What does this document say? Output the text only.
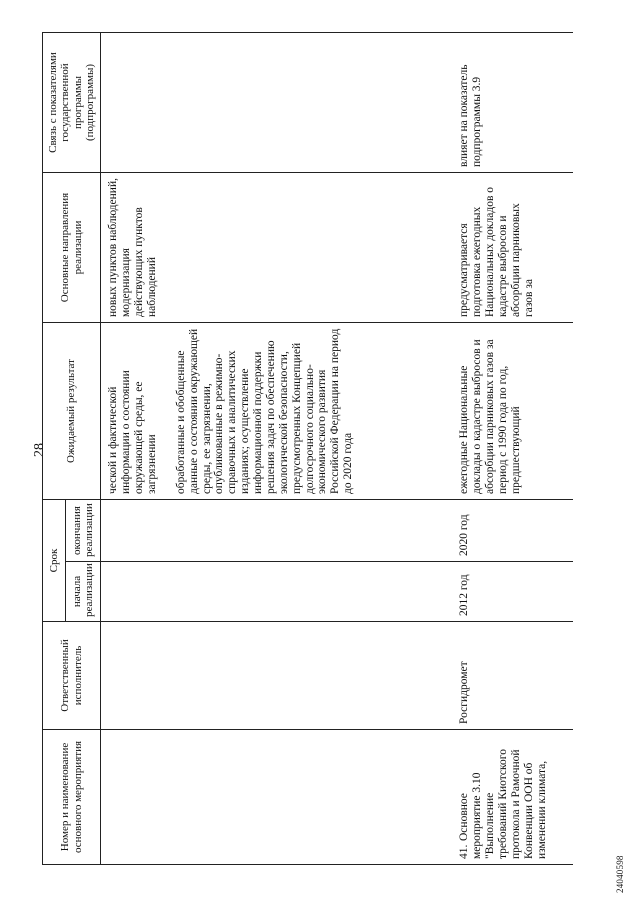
28
Номер и наименование основного мероприятия	Ответственный исполнитель	Срок		Ожидаемый результат	Основные направления реализации	Связь с показателями государственной программы (подпрограммы)
		начала реализации	окончания реализации			

				ческой и фактической информации о состоянии окружающей среды, ее загрязнении обработанные и обобщенные данные о состоянии окружающей среды, ее загрязнении, опубликованные в режимно-справочных и аналитических изданиях; осуществление информационной поддержки решения задач по обеспечению экологической безопасности, предусмотренных Концепцией долгосрочного социально-экономического развития Российской Федерации на период до 2020 года	новых пунктов наблюдений, модернизация действующих пунктов наблюдений	
41.Основное мероприятие 3.10 "Выполнение требований Киотского протокола и Рамочной Конвенции ООН об изменении климата,	Росгидромет	2012 год	2020 год	ежегодные Национальные доклады о кадастре выбросов и абсорбции парниковых газов за период с 1990 года по год, предшествующий	предусматривается подготовка ежегодных Национальных докладов о кадастре выбросов и абсорбции парниковых газов за	влияет на показатель подпрограммы 3.9
24040598
